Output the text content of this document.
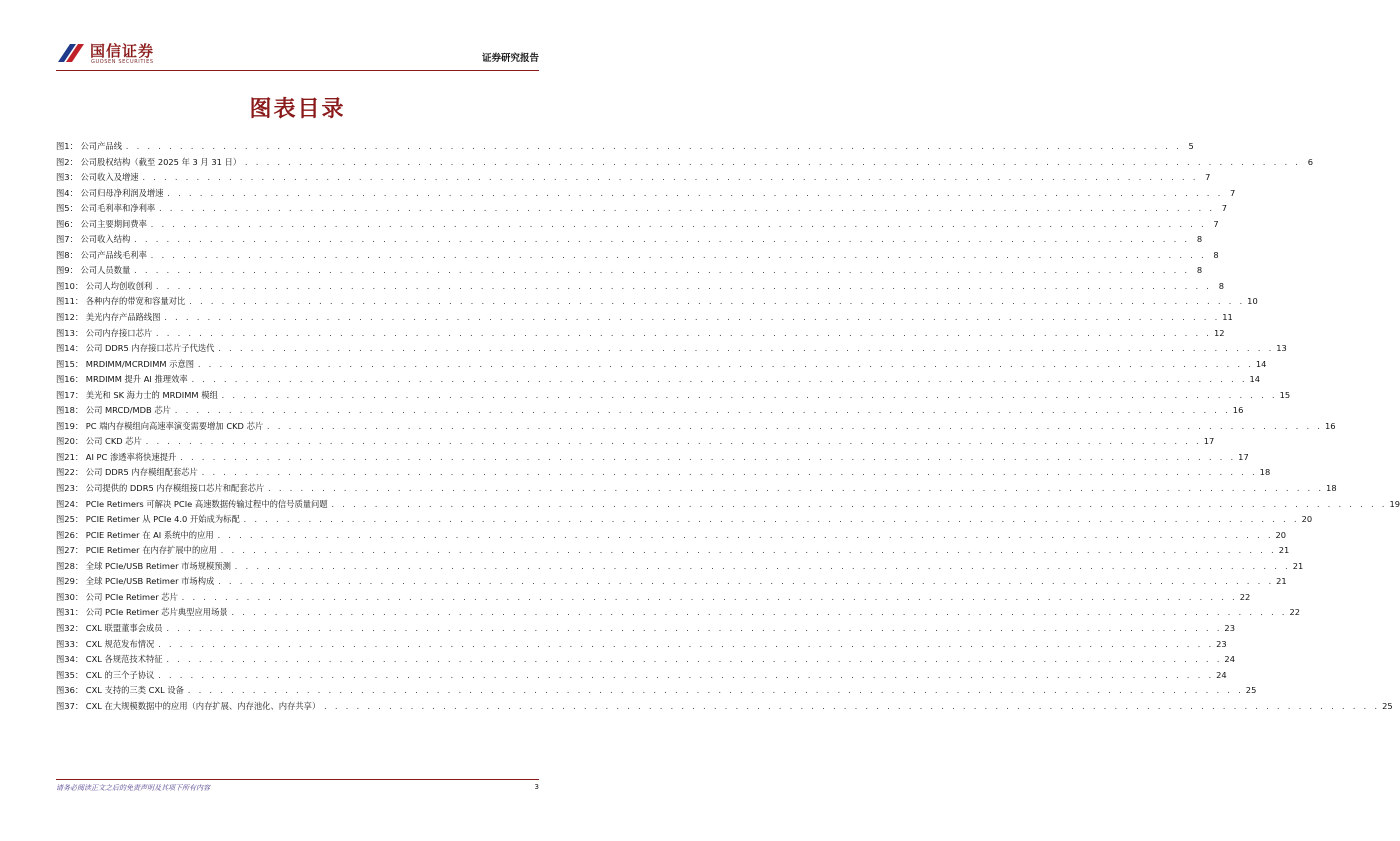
国信证券
GUOSEN SECURITIES	证券研究报告
图表目录
图1： 公司产品线 . . . . . . . . . . . . . . . . . . . . . . . . . . . . . . . . . . . . . . . . . . . . . . . . . . . . . . . . . . . . . . . . . . . . . . . . . . . . . . . . . . . . . . . . . . . . . . . . . . 5
图2： 公司股权结构（截至 2025 年 3 月 31 日） . . . . . . . . . . . . . . . . . . . . . . . . . . . . . . . . . . . . . . . . . . . . . . . . . . . . . . . . . . . . . . . . . . . . . . . . . . . . . . . . . . . . . . . . . . . . . . . . . . 6
图3： 公司收入及增速 . . . . . . . . . . . . . . . . . . . . . . . . . . . . . . . . . . . . . . . . . . . . . . . . . . . . . . . . . . . . . . . . . . . . . . . . . . . . . . . . . . . . . . . . . . . . . . . . . . 7
图4： 公司归母净利润及增速 . . . . . . . . . . . . . . . . . . . . . . . . . . . . . . . . . . . . . . . . . . . . . . . . . . . . . . . . . . . . . . . . . . . . . . . . . . . . . . . . . . . . . . . . . . . . . . . . . . 7
图5： 公司毛利率和净利率 . . . . . . . . . . . . . . . . . . . . . . . . . . . . . . . . . . . . . . . . . . . . . . . . . . . . . . . . . . . . . . . . . . . . . . . . . . . . . . . . . . . . . . . . . . . . . . . . . . 7
图6： 公司主要期间费率 . . . . . . . . . . . . . . . . . . . . . . . . . . . . . . . . . . . . . . . . . . . . . . . . . . . . . . . . . . . . . . . . . . . . . . . . . . . . . . . . . . . . . . . . . . . . . . . . . . 7
图7： 公司收入结构 . . . . . . . . . . . . . . . . . . . . . . . . . . . . . . . . . . . . . . . . . . . . . . . . . . . . . . . . . . . . . . . . . . . . . . . . . . . . . . . . . . . . . . . . . . . . . . . . . . 8
图8： 公司产品线毛利率 . . . . . . . . . . . . . . . . . . . . . . . . . . . . . . . . . . . . . . . . . . . . . . . . . . . . . . . . . . . . . . . . . . . . . . . . . . . . . . . . . . . . . . . . . . . . . . . . . . 8
图9： 公司人员数量 . . . . . . . . . . . . . . . . . . . . . . . . . . . . . . . . . . . . . . . . . . . . . . . . . . . . . . . . . . . . . . . . . . . . . . . . . . . . . . . . . . . . . . . . . . . . . . . . . . 8
图10： 公司人均创收创利 . . . . . . . . . . . . . . . . . . . . . . . . . . . . . . . . . . . . . . . . . . . . . . . . . . . . . . . . . . . . . . . . . . . . . . . . . . . . . . . . . . . . . . . . . . . . . . . . . . 8
图11： 各种内存的带宽和容量对比 . . . . . . . . . . . . . . . . . . . . . . . . . . . . . . . . . . . . . . . . . . . . . . . . . . . . . . . . . . . . . . . . . . . . . . . . . . . . . . . . . . . . . . . . . . . . . . . . . . 10
图12： 美光内存产品路线图 . . . . . . . . . . . . . . . . . . . . . . . . . . . . . . . . . . . . . . . . . . . . . . . . . . . . . . . . . . . . . . . . . . . . . . . . . . . . . . . . . . . . . . . . . . . . . . . . . . 11
图13： 公司内存接口芯片 . . . . . . . . . . . . . . . . . . . . . . . . . . . . . . . . . . . . . . . . . . . . . . . . . . . . . . . . . . . . . . . . . . . . . . . . . . . . . . . . . . . . . . . . . . . . . . . . . . 12
图14： 公司 DDR5 内存接口芯片子代迭代 . . . . . . . . . . . . . . . . . . . . . . . . . . . . . . . . . . . . . . . . . . . . . . . . . . . . . . . . . . . . . . . . . . . . . . . . . . . . . . . . . . . . . . . . . . . . . . . . . . 13
图15： MRDIMM/MCRDIMM 示意图 . . . . . . . . . . . . . . . . . . . . . . . . . . . . . . . . . . . . . . . . . . . . . . . . . . . . . . . . . . . . . . . . . . . . . . . . . . . . . . . . . . . . . . . . . . . . . . . . . . 14
图16： MRDIMM 提升 AI 推理效率 . . . . . . . . . . . . . . . . . . . . . . . . . . . . . . . . . . . . . . . . . . . . . . . . . . . . . . . . . . . . . . . . . . . . . . . . . . . . . . . . . . . . . . . . . . . . . . . . . . 14
图17： 美光和 SK 海力士的 MRDIMM 模组 . . . . . . . . . . . . . . . . . . . . . . . . . . . . . . . . . . . . . . . . . . . . . . . . . . . . . . . . . . . . . . . . . . . . . . . . . . . . . . . . . . . . . . . . . . . . . . . . . . 15
图18： 公司 MRCD/MDB 芯片 . . . . . . . . . . . . . . . . . . . . . . . . . . . . . . . . . . . . . . . . . . . . . . . . . . . . . . . . . . . . . . . . . . . . . . . . . . . . . . . . . . . . . . . . . . . . . . . . . . 16
图19： PC 端内存模组向高速率演变需要增加 CKD 芯片 . . . . . . . . . . . . . . . . . . . . . . . . . . . . . . . . . . . . . . . . . . . . . . . . . . . . . . . . . . . . . . . . . . . . . . . . . . . . . . . . . . . . . . . . . . . . . . . . . . 16
图20： 公司 CKD 芯片 . . . . . . . . . . . . . . . . . . . . . . . . . . . . . . . . . . . . . . . . . . . . . . . . . . . . . . . . . . . . . . . . . . . . . . . . . . . . . . . . . . . . . . . . . . . . . . . . . . 17
图21： AI PC 渗透率将快速提升 . . . . . . . . . . . . . . . . . . . . . . . . . . . . . . . . . . . . . . . . . . . . . . . . . . . . . . . . . . . . . . . . . . . . . . . . . . . . . . . . . . . . . . . . . . . . . . . . . . 17
图22： 公司 DDR5 内存模组配套芯片 . . . . . . . . . . . . . . . . . . . . . . . . . . . . . . . . . . . . . . . . . . . . . . . . . . . . . . . . . . . . . . . . . . . . . . . . . . . . . . . . . . . . . . . . . . . . . . . . . . 18
图23： 公司提供的 DDR5 内存模组接口芯片和配套芯片 . . . . . . . . . . . . . . . . . . . . . . . . . . . . . . . . . . . . . . . . . . . . . . . . . . . . . . . . . . . . . . . . . . . . . . . . . . . . . . . . . . . . . . . . . . . . . . . . . . 18
图24： PCIe Retimers 可解决 PCIe 高速数据传输过程中的信号质量问题 . . . . . . . . . . . . . . . . . . . . . . . . . . . . . . . . . . . . . . . . . . . . . . . . . . . . . . . . . . . . . . . . . . . . . . . . . . . . . . . . . . . . . . . . . . . . . . . . . . 19
图25： PCIE Retimer 从 PCIe 4.0 开始成为标配 . . . . . . . . . . . . . . . . . . . . . . . . . . . . . . . . . . . . . . . . . . . . . . . . . . . . . . . . . . . . . . . . . . . . . . . . . . . . . . . . . . . . . . . . . . . . . . . . . . 20
图26： PCIE Retimer 在 AI 系统中的应用 . . . . . . . . . . . . . . . . . . . . . . . . . . . . . . . . . . . . . . . . . . . . . . . . . . . . . . . . . . . . . . . . . . . . . . . . . . . . . . . . . . . . . . . . . . . . . . . . . . 20
图27： PCIE Retimer 在内存扩展中的应用 . . . . . . . . . . . . . . . . . . . . . . . . . . . . . . . . . . . . . . . . . . . . . . . . . . . . . . . . . . . . . . . . . . . . . . . . . . . . . . . . . . . . . . . . . . . . . . . . . . 21
图28： 全球 PCIe/USB Retimer 市场规模预测 . . . . . . . . . . . . . . . . . . . . . . . . . . . . . . . . . . . . . . . . . . . . . . . . . . . . . . . . . . . . . . . . . . . . . . . . . . . . . . . . . . . . . . . . . . . . . . . . . . 21
图29： 全球 PCIe/USB Retimer 市场构成 . . . . . . . . . . . . . . . . . . . . . . . . . . . . . . . . . . . . . . . . . . . . . . . . . . . . . . . . . . . . . . . . . . . . . . . . . . . . . . . . . . . . . . . . . . . . . . . . . . 21
图30： 公司 PCIe Retimer 芯片 . . . . . . . . . . . . . . . . . . . . . . . . . . . . . . . . . . . . . . . . . . . . . . . . . . . . . . . . . . . . . . . . . . . . . . . . . . . . . . . . . . . . . . . . . . . . . . . . . . 22
图31： 公司 PCIe Retimer 芯片典型应用场景 . . . . . . . . . . . . . . . . . . . . . . . . . . . . . . . . . . . . . . . . . . . . . . . . . . . . . . . . . . . . . . . . . . . . . . . . . . . . . . . . . . . . . . . . . . . . . . . . . . 22
图32： CXL 联盟董事会成员 . . . . . . . . . . . . . . . . . . . . . . . . . . . . . . . . . . . . . . . . . . . . . . . . . . . . . . . . . . . . . . . . . . . . . . . . . . . . . . . . . . . . . . . . . . . . . . . . . . 23
图33： CXL 规范发布情况 . . . . . . . . . . . . . . . . . . . . . . . . . . . . . . . . . . . . . . . . . . . . . . . . . . . . . . . . . . . . . . . . . . . . . . . . . . . . . . . . . . . . . . . . . . . . . . . . . . 23
图34： CXL 各规范技术特征 . . . . . . . . . . . . . . . . . . . . . . . . . . . . . . . . . . . . . . . . . . . . . . . . . . . . . . . . . . . . . . . . . . . . . . . . . . . . . . . . . . . . . . . . . . . . . . . . . . 24
图35： CXL 的三个子协议 . . . . . . . . . . . . . . . . . . . . . . . . . . . . . . . . . . . . . . . . . . . . . . . . . . . . . . . . . . . . . . . . . . . . . . . . . . . . . . . . . . . . . . . . . . . . . . . . . . 24
图36： CXL 支持的三类 CXL 设备 . . . . . . . . . . . . . . . . . . . . . . . . . . . . . . . . . . . . . . . . . . . . . . . . . . . . . . . . . . . . . . . . . . . . . . . . . . . . . . . . . . . . . . . . . . . . . . . . . . 25
图37： CXL 在大规模数据中的应用（内存扩展、内存池化、内存共享） . . . . . . . . . . . . . . . . . . . . . . . . . . . . . . . . . . . . . . . . . . . . . . . . . . . . . . . . . . . . . . . . . . . . . . . . . . . . . . . . . . . . . . . . . . . . . . . . . . 25
请务必阅读正文之后的免责声明及其项下所有内容	3
